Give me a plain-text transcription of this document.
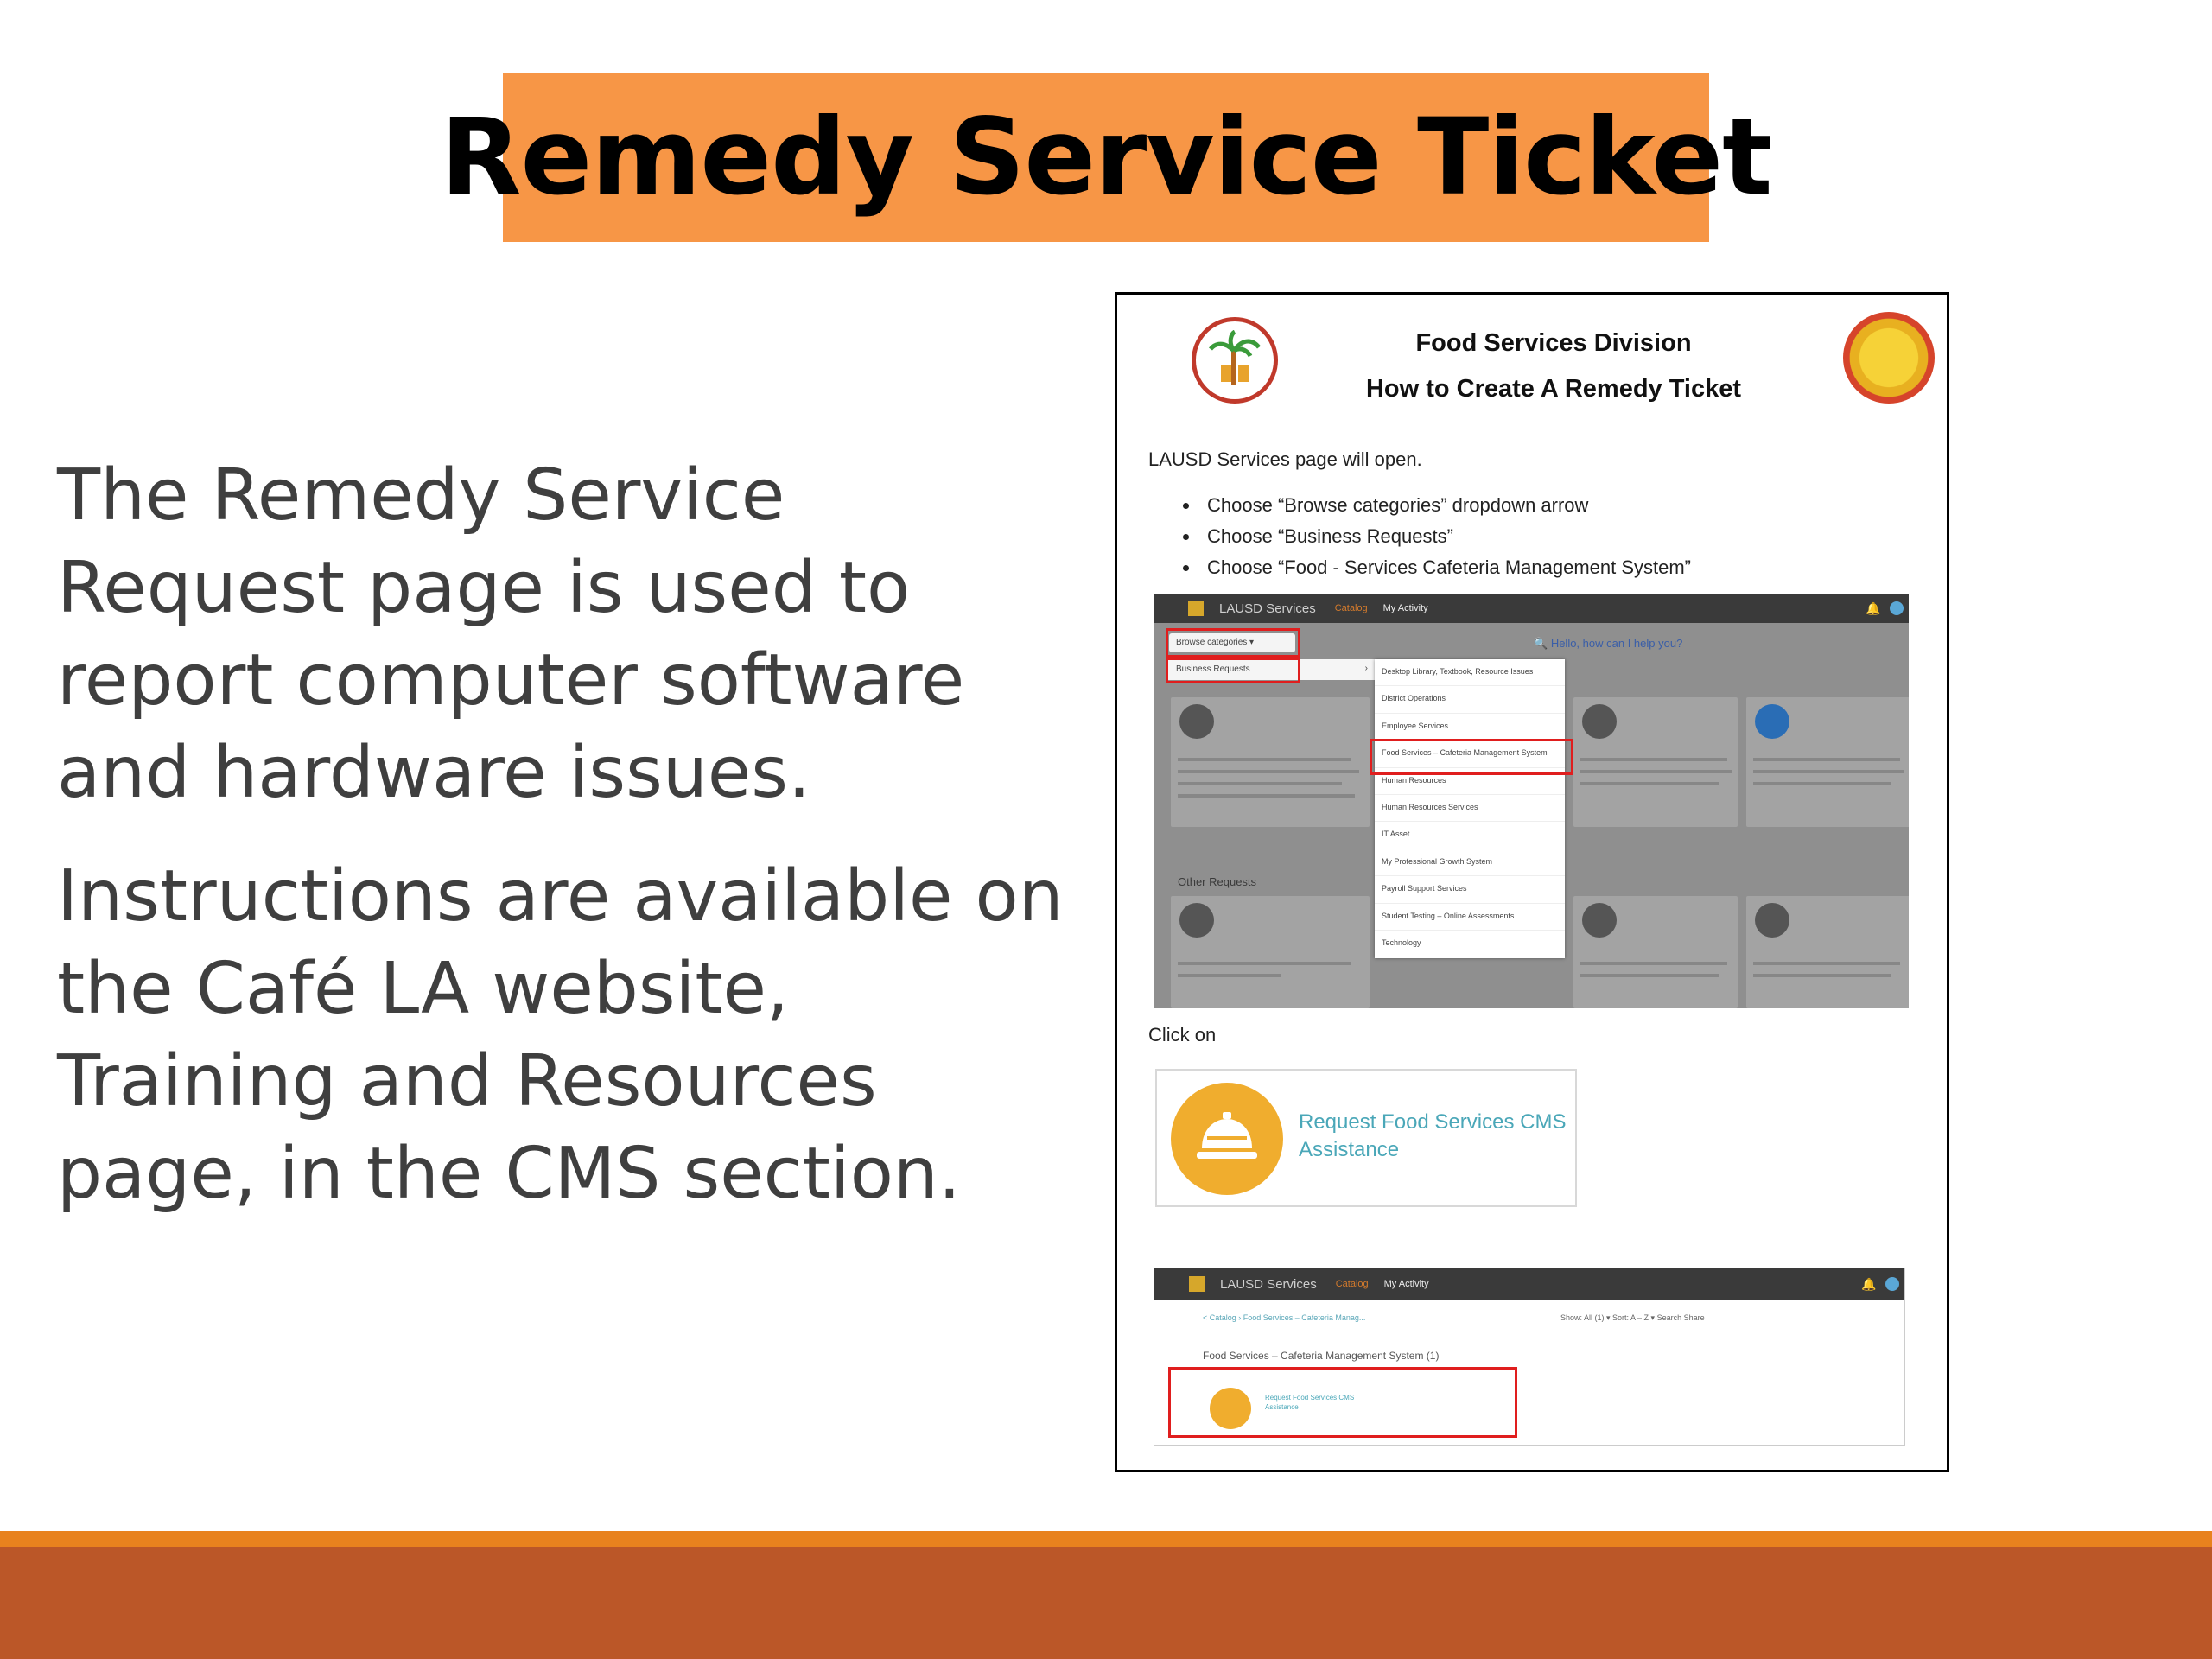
Remedy Service Ticket

The Remedy Service Request page is used to report computer software and hardware issues.

Instructions are available on the Café LA website, Training and Resources page, in the CMS section.

Food Services Division
How to Create A Remedy Ticket
LAUSD Services page will open.
• Choose “Browse categories” dropdown arrow
• Choose “Business Requests”
• Choose “Food - Services Cafeteria Management System”
LAUSD Services Catalog My Activity	🔔
Browse categories ▾	🔍 Hello, how can I help you?
Business Requests	›
Other Requests
Desktop Library, Textbook, Resource Issues
District Operations
Employee Services
Food Services – Cafeteria Management System
Human Resources
Human Resources Services
IT Asset
My Professional Growth System
Payroll Support Services
Student Testing – Online Assessments
Technology
Click on
Request Food Services CMS Assistance
LAUSD Services Catalog My Activity	🔔
< Catalog › Food Services – Cafeteria Manag...	Show: All (1) ▾ Sort: A – Z ▾ Search Share
Food Services – Cafeteria Management System (1)
Request Food Services CMS Assistance
